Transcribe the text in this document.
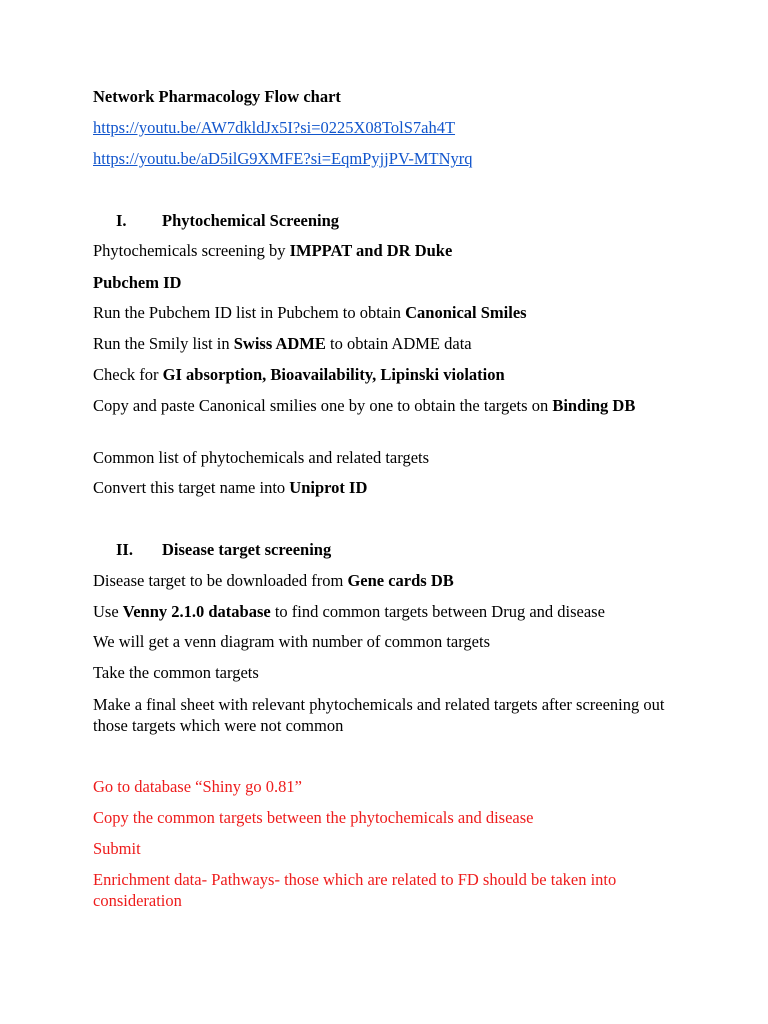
Network Pharmacology Flow chart
https://youtu.be/AW7dkldJx5I?si=0225X08TolS7ah4T
https://youtu.be/aD5ilG9XMFE?si=EqmPyjjPV-MTNyrq
I. Phytochemical Screening
Phytochemicals screening by IMPPAT and DR Duke
Pubchem ID
Run the Pubchem ID list in Pubchem to obtain Canonical Smiles
Run the Smily list in Swiss ADME to obtain ADME data
Check for GI absorption, Bioavailability, Lipinski violation
Copy and paste Canonical smilies one by one to obtain the targets on Binding DB
Common list of phytochemicals and related targets
Convert this target name into Uniprot ID
II. Disease target screening
Disease target to be downloaded from Gene cards DB
Use Venny 2.1.0 database to find common targets between Drug and disease
We will get a venn diagram with number of common targets
Take the common targets
Make a final sheet with relevant phytochemicals and related targets after screening out those targets which were not common
Go to database “Shiny go 0.81”
Copy the common targets between the phytochemicals and disease
Submit
Enrichment data- Pathways- those which are related to FD should be taken into consideration
